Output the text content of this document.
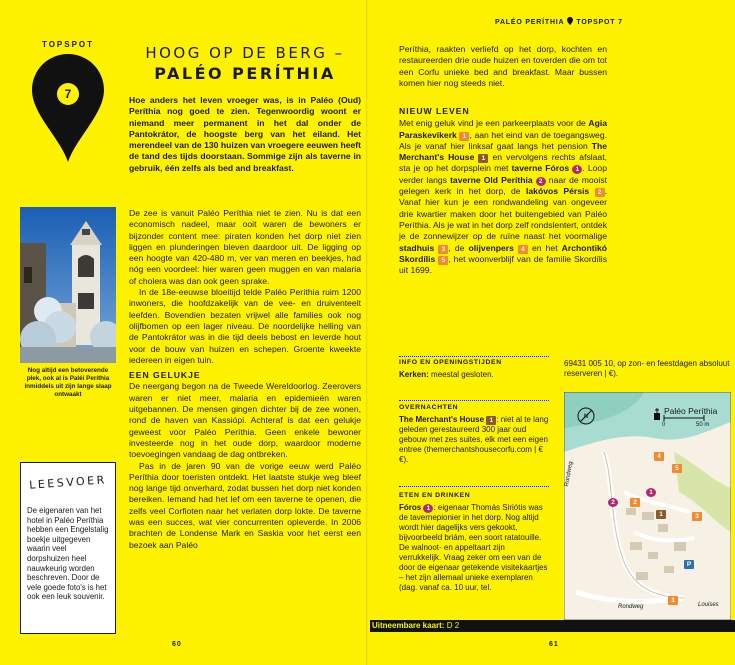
TOPSPOT
7
HOOG OP DE BERG –
PALÉO PERÍTHIA
Hoe anders het leven vroeger was, is in Paléo (Oud) Períthia nog goed te zien. Tegenwoordig woont er niemand meer permanent in het dal onder de Pantokrátor, de hoogste berg van het eiland. Het merendeel van de 130 huizen van vroegere eeuwen heeft de tand des tijds doorstaan. Sommige zijn als taverne in gebruik, één zelfs als bed and breakfast.

De zee is vanuit Paléo Períthia niet te zien. Nu is dat een economisch nadeel, maar ooit waren de bewoners er bijzonder content mee: piraten konden het dorp niet zien liggen en plunderingen bleven daardoor uit. De ligging op een hoogte van 420-480 m, ver van meren en beekjes, had nóg een voordeel: hier waren geen muggen en van malaria of cholera was dan ook geen sprake.

In de 18e-eeuwse bloeitijd telde Paléo Períthia ruim 1200 inwoners, die hoofdzakelijk van de vee- en druiventeelt leefden. Bovendien bezaten vrijwel alle families ook nog olijfbomen op een lager niveau. De noordelijke helling van de Pantokrátor was in die tijd deels bebost en leverde hout voor de bouw van huizen en schepen. Groente kweekte iedereen in eigen tuin.

EEN GELUKJE

De neergang begon na de Tweede Wereldoorlog. Zeerovers waren er niet meer, malaria en epidemieën waren uitgebannen. De mensen gingen dichter bij de zee wonen, rond de haven van Kassiópi. Achteraf is dat een gelukje geweest voor Paléo Períthia. Geen enkele bewoner investeerde nog in het oude dorp, waardoor moderne toevoegingen vandaag de dag ontbreken.

Pas in de jaren 90 van de vorige eeuw werd Paléo Períthia door toeristen ontdekt. Het laatste stukje weg bleef nog lange tijd onverhard, zodat bussen het dorp niet konden bereiken. Iemand had het lef om een taverne te openen, die zelfs veel Corfioten naar het verlaten dorp lokte. De taverne was een succes, wat vier concurrenten opleverde. In 2006 brachten de Londense Mark en Saskia voor het eerst een bezoek aan Paléo

Nog altijd een betoverende plek, ook al is Paléi Períthia inmiddels uit zijn lange slaap ontwaakt
LEESVOER
De eigenaren van het hotel in Paléo Períthia hebben een Engelstalig boekje uitgegeven waarin veel dorpshuizen heel nauwkeurig worden beschreven. Door de vele goede foto's is het ook een leuk souvenir.
60
PALÉO PERÍTHIA TOPSPOT 7
Períthia, raakten verliefd op het dorp, kochten en restaureerden drie oude huizen en toverden die om tot een Corfu unieke bed and breakfast. Maar bussen komen hier nog steeds niet.
NIEUW LEVEN

Met enig geluk vind je een parkeerplaats voor de Agia Paraskevikerk 1 , aan het eind van de toegangsweg. Als je vanaf hier linksaf gaat langs het pension The Merchant's House 1 en vervolgens rechts afslaat, sta je op het dorpsplein met taverne Fóros 1 . Loop verder langs taverne Old Períthia 2 naar de mooist gelegen kerk in het dorp, de Iakóvos Pérsis 2 . Vanaf hier kun je een rondwandeling van ongeveer drie kwartier maken door het buitengebied van Paléo Períthia. Als je wat in het dorp zelf rondslentert, ontdek je de zonnewijzer op de ruïne naast het voormalige stadhuis 3 , de olijvenpers 4 en het Archontikó Skordílis 5 , het woonverblijf van de familie Skordílis uit 1699.

INFO EN OPENINGSTIJDEN
Kerken: meestal gesloten.
69431 005 10, op zon- en feestdagen absoluut reserveren | €).
OVERNACHTEN
The Merchant's House 1 : niet al te lang geleden gerestaureerd 300 jaar oud gebouw met zes suites, elk met een eigen entree (themerchantshousecorfu.com | €€).
ETEN EN DRINKEN
Fóros 1 : eigenaar Thomás Siriótis was de tavernepionier in het dorp. Nog altijd wordt hier dagelijks vers gekookt, bijvoorbeeld briám, een soort ratatouille. De walnoot- en appeltaart zijn verrukkelijk. Vraag zeker om een van de door de eigenaar getekende visitekaartjes – het zijn allemaal unieke exemplaren (dag. vanaf ca. 10 uur, tel.
N
Paléo Períthia
0	50 m
Rondweg
Rondweg	Louises
4
5
1
2	2
1	3
P
1
Uitneembare kaart: D 2
61
